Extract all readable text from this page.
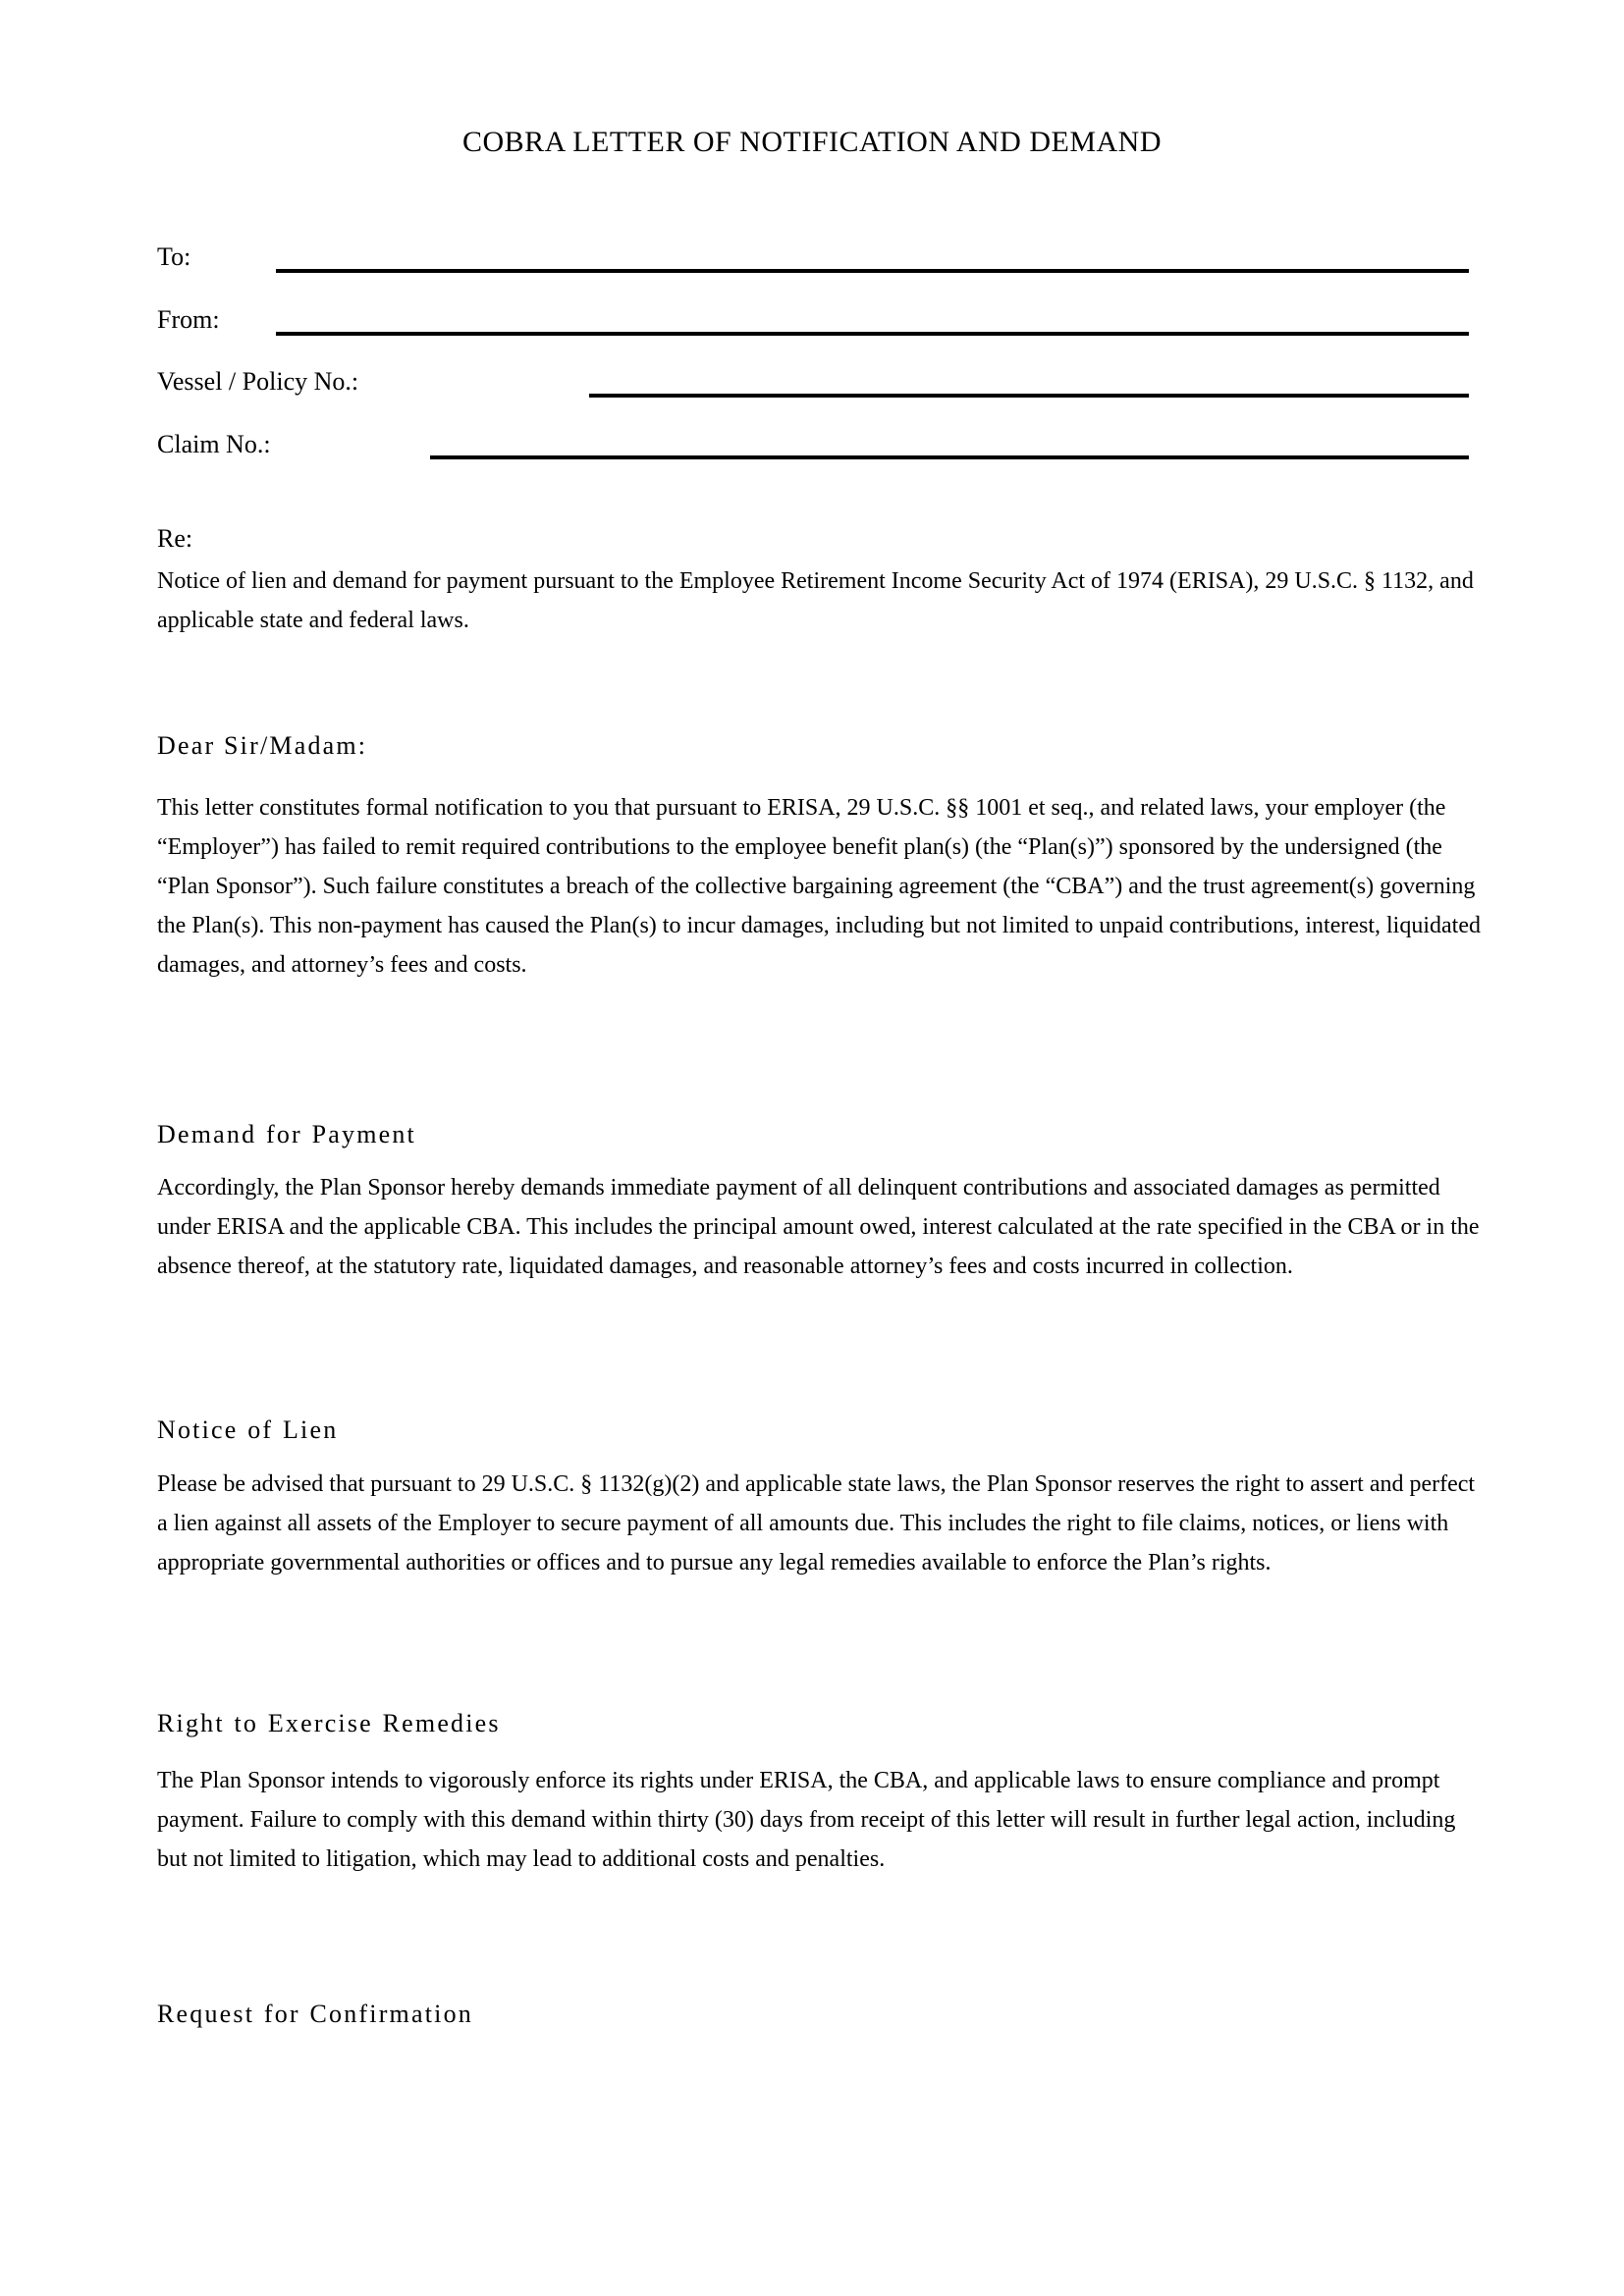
COBRA LETTER OF NOTIFICATION AND DEMAND
To:
From:
Vessel / Policy No.:
Claim No.:
Re:

Notice of lien and demand for payment pursuant to the Employee Retirement Income Security Act of 1974 (ERISA), 29 U.S.C. § 1132, and applicable state and federal laws.

Dear Sir/Madam:

This letter constitutes formal notification to you that pursuant to ERISA, 29 U.S.C. §§ 1001 et seq., and related laws, your employer (the “Employer”) has failed to remit required contributions to the employee benefit plan(s) (the “Plan(s)”) sponsored by the undersigned (the “Plan Sponsor”). Such failure constitutes a breach of the collective bargaining agreement (the “CBA”) and the trust agreement(s) governing the Plan(s). This non-payment has caused the Plan(s) to incur damages, including but not limited to unpaid contributions, interest, liquidated damages, and attorney’s fees and costs.

Demand for Payment

Accordingly, the Plan Sponsor hereby demands immediate payment of all delinquent contributions and associated damages as permitted under ERISA and the applicable CBA. This includes the principal amount owed, interest calculated at the rate specified in the CBA or in the absence thereof, at the statutory rate, liquidated damages, and reasonable attorney’s fees and costs incurred in collection.

Notice of Lien

Please be advised that pursuant to 29 U.S.C. § 1132(g)(2) and applicable state laws, the Plan Sponsor reserves the right to assert and perfect a lien against all assets of the Employer to secure payment of all amounts due. This includes the right to file claims, notices, or liens with appropriate governmental authorities or offices and to pursue any legal remedies available to enforce the Plan’s rights.

Right to Exercise Remedies

The Plan Sponsor intends to vigorously enforce its rights under ERISA, the CBA, and applicable laws to ensure compliance and prompt payment. Failure to comply with this demand within thirty (30) days from receipt of this letter will result in further legal action, including but not limited to litigation, which may lead to additional costs and penalties.

Request for Confirmation
